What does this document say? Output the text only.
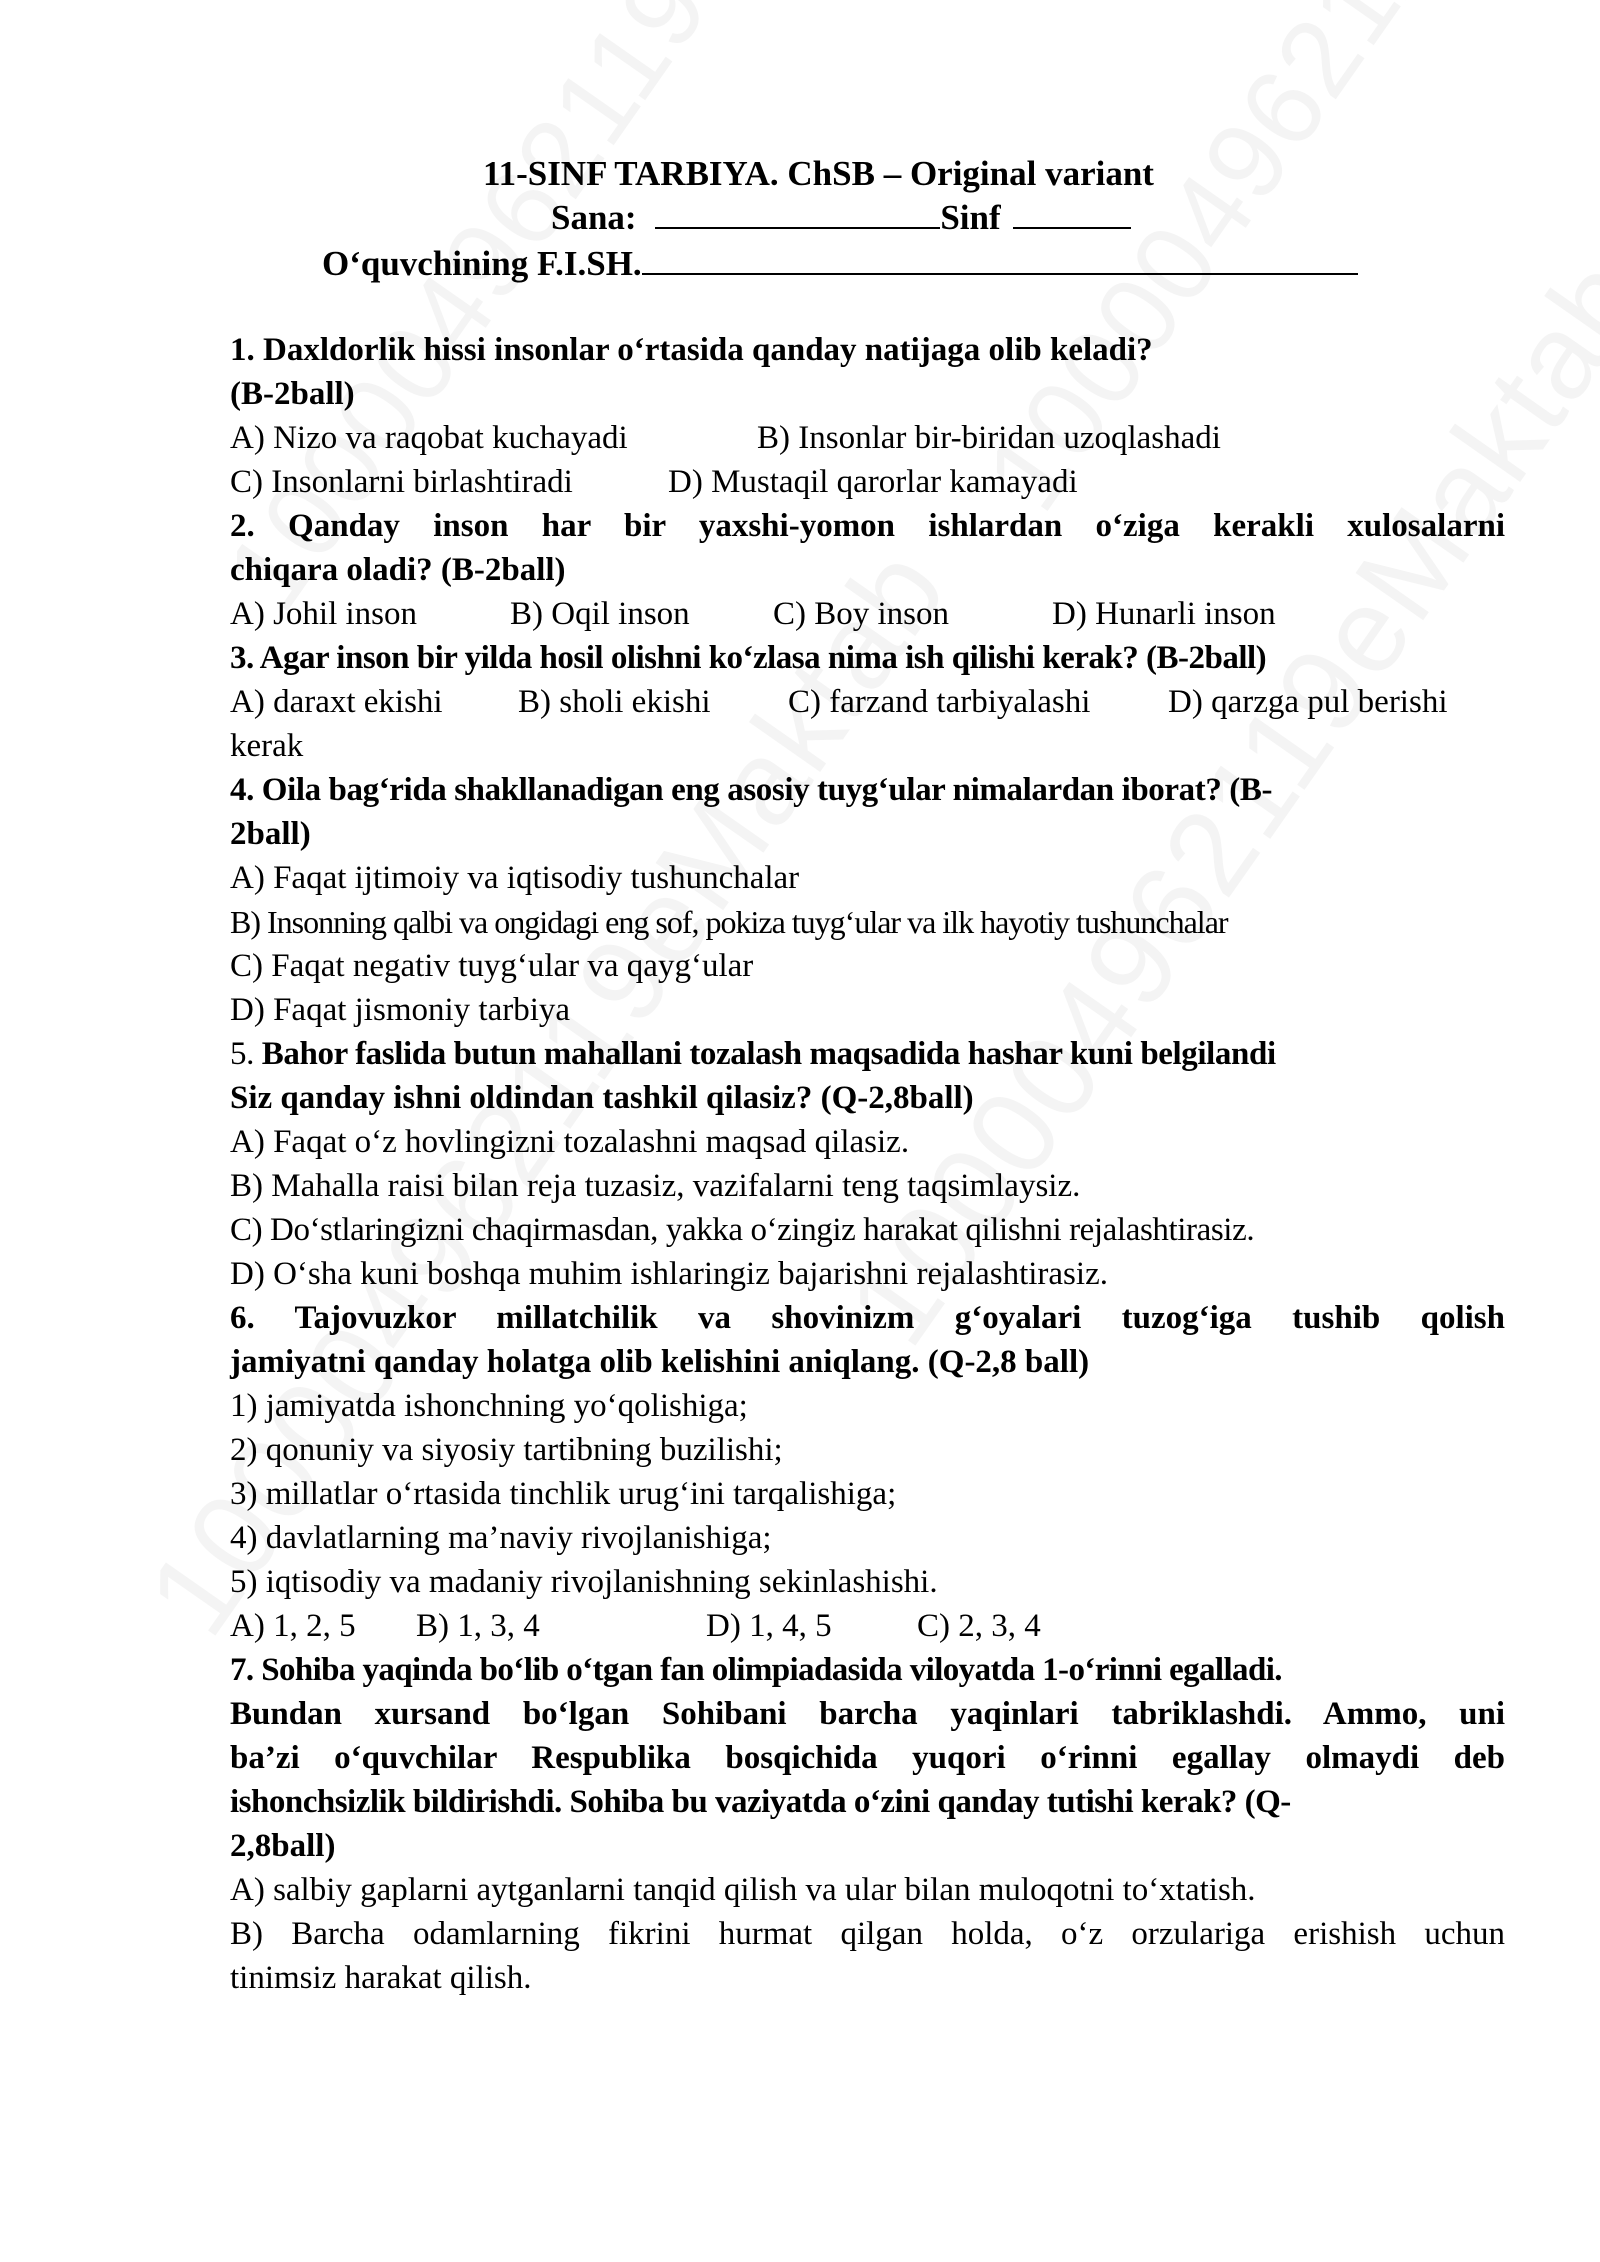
11-SINF TARBIYA. ChSB – Original variant
Sana:	Sinf
O‘quvchining F.I.SH.
1. Daxldorlik hissi insonlar o‘rtasida qanday natijaga olib keladi?
(B-2ball)
A) Nizo va raqobat kuchayadi	B) Insonlar bir-biridan uzoqlashadi
C) Insonlarni birlashtiradi	D) Mustaqil qarorlar kamayadi
2. Qanday inson har bir yaxshi-yomon ishlardan o‘ziga kerakli xulosalarni
chiqara oladi? (B-2ball)
A) Johil inson	B) Oqil inson	C) Boy inson	D) Hunarli inson
3. Agar inson bir yilda hosil olishni ko‘zlasa nima ish qilishi kerak? (B-2ball)
A) daraxt ekishi B) sholi ekishi C) farzand tarbiyalashi D) qarzga pul berishi
kerak
4. Oila bag‘rida shakllanadigan eng asosiy tuyg‘ular nimalardan iborat? (B-
2ball)
A) Faqat ijtimoiy va iqtisodiy tushunchalar
B) Insonning qalbi va ongidagi eng sof, pokiza tuyg‘ular va ilk hayotiy tushunchalar
C) Faqat negativ tuyg‘ular va qayg‘ular
D) Faqat jismoniy tarbiya
5. Bahor faslida butun mahallani tozalash maqsadida hashar kuni belgilandi
Siz qanday ishni oldindan tashkil qilasiz? (Q-2,8ball)
A) Faqat o‘z hovlingizni tozalashni maqsad qilasiz.
B) Mahalla raisi bilan reja tuzasiz, vazifalarni teng taqsimlaysiz.
C) Do‘stlaringizni chaqirmasdan, yakka o‘zingiz harakat qilishni rejalashtirasiz.
D) O‘sha kuni boshqa muhim ishlaringiz bajarishni rejalashtirasiz.
6. Tajovuzkor millatchilik va shovinizm g‘oyalari tuzog‘iga tushib qolish
jamiyatni qanday holatga olib kelishini aniqlang. (Q-2,8 ball)
1) jamiyatda ishonchning yo‘qolishiga;
2) qonuniy va siyosiy tartibning buzilishi;
3) millatlar o‘rtasida tinchlik urug‘ini tarqalishiga;
4) davlatlarning ma’naviy rivojlanishiga;
5) iqtisodiy va madaniy rivojlanishning sekinlashishi.
A) 1, 2, 5 B) 1, 3, 4	D) 1, 4, 5	C) 2, 3, 4
7. Sohiba yaqinda bo‘lib o‘tgan fan olimpiadasida viloyatda 1-o‘rinni egalladi.
Bundan xursand bo‘lgan Sohibani barcha yaqinlari tabriklashdi. Ammo, uni
ba’zi o‘quvchilar Respublika bosqichida yuqori o‘rinni egallay olmaydi deb
ishonchsizlik bildirishdi. Sohiba bu vaziyatda o‘zini qanday tutishi kerak? (Q-
2,8ball)
A) salbiy gaplarni aytganlarni tanqid qilish va ular bilan muloqotni to‘xtatish.
B) Barcha odamlarning fikrini hurmat qilgan holda, o‘z orzulariga erishish uchun
tinimsiz harakat qilish.
